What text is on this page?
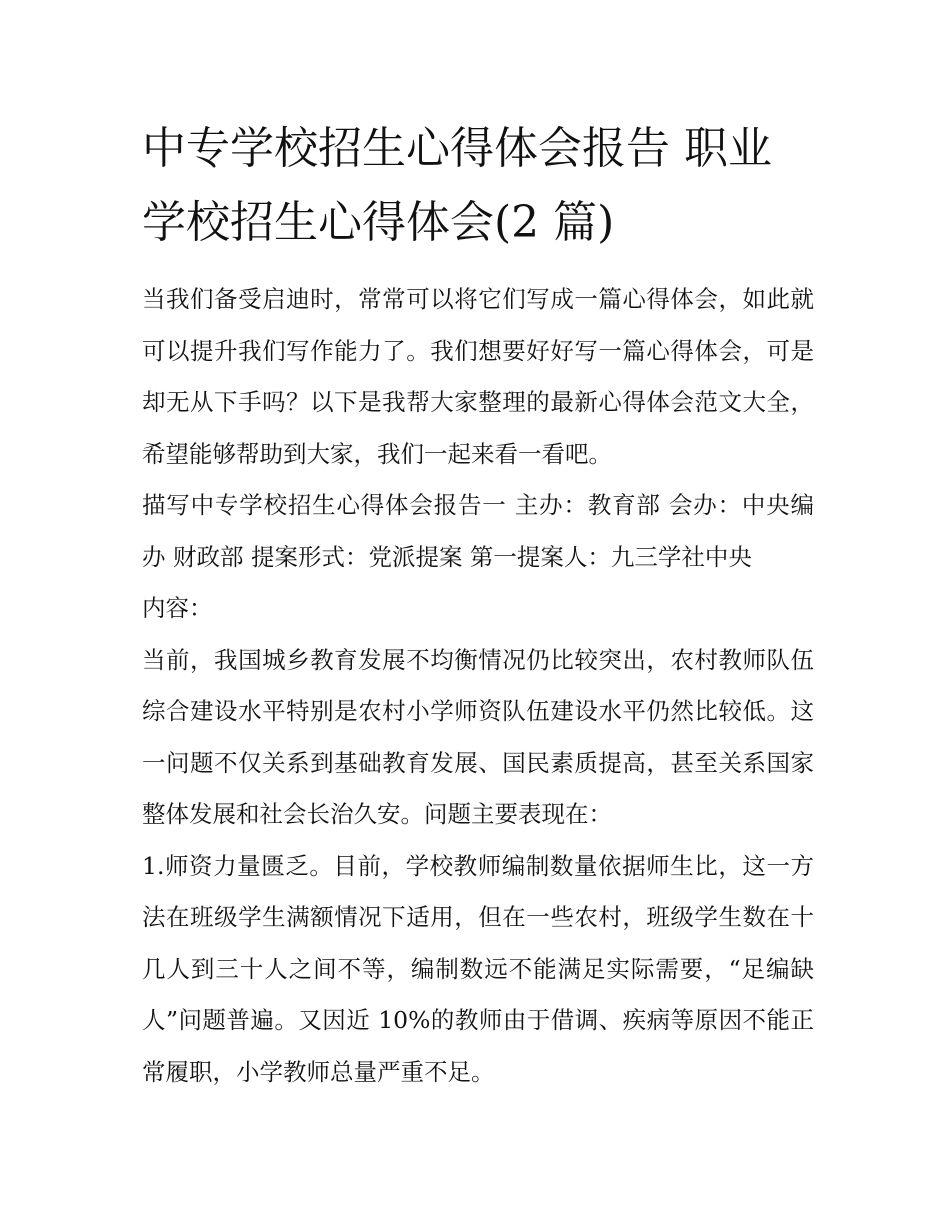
中专学校招生心得体会报告 职业学校招生心得体会(2 篇)

当我们备受启迪时，常常可以将它们写成一篇心得体会，如此就可以提升我们写作能力了。我们想要好好写一篇心得体会，可是却无从下手吗？以下是我帮大家整理的最新心得体会范文大全，希望能够帮助到大家，我们一起来看一看吧。

描写中专学校招生心得体会报告一 主办：教育部 会办：中央编办 财政部 提案形式：党派提案 第一提案人：九三学社中央

内容：

当前，我国城乡教育发展不均衡情况仍比较突出，农村教师队伍综合建设水平特别是农村小学师资队伍建设水平仍然比较低。这一问题不仅关系到基础教育发展、国民素质提高，甚至关系国家整体发展和社会长治久安。问题主要表现在：

1.师资力量匮乏。目前，学校教师编制数量依据师生比，这一方法在班级学生满额情况下适用，但在一些农村，班级学生数在十几人到三十人之间不等，编制数远不能满足实际需要，“足编缺人”问题普遍。又因近 10%的教师由于借调、疾病等原因不能正常履职，小学教师总量严重不足。
